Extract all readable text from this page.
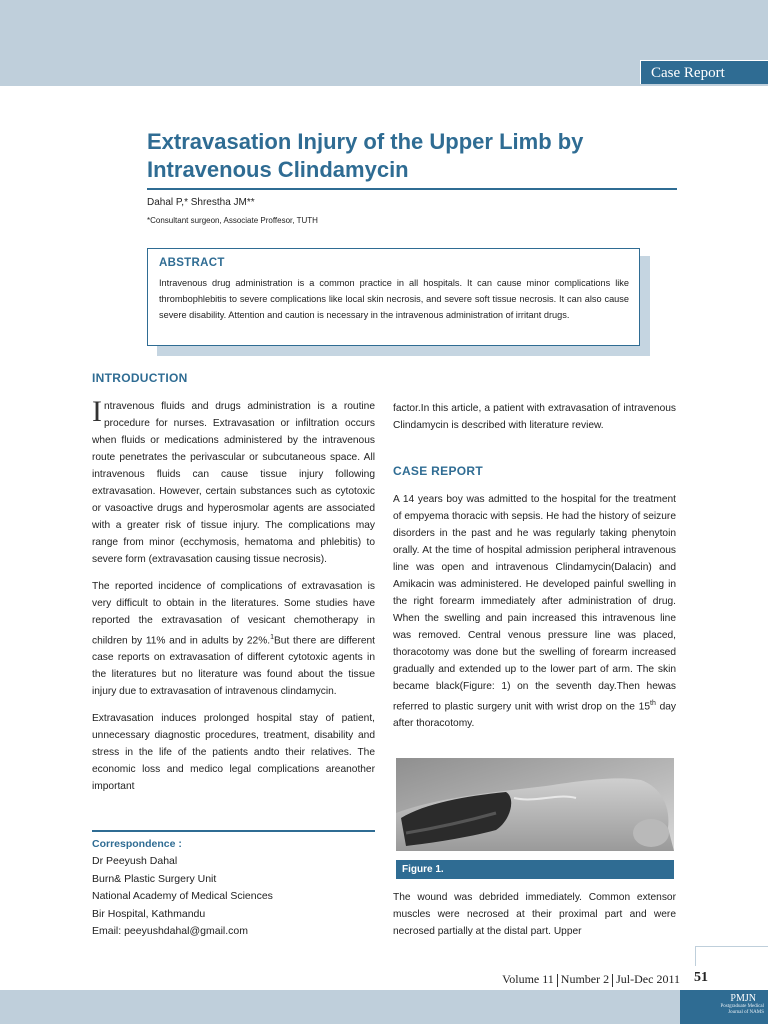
Case Report
Extravasation Injury of the Upper Limb by
Intravenous Clindamycin
Dahal P,* Shrestha JM**
*Consultant surgeon, Associate Proffesor, TUTH
ABSTRACT

Intravenous drug administration is a common practice in all hospitals. It can cause minor complications like thrombophlebitis to severe complications like local skin necrosis, and severe soft tissue necrosis. It can also cause severe disability. Attention and caution is necessary in the intravenous administration of irritant drugs.

INTRODUCTION

Intravenous fluids and drugs administration is a routine procedure for nurses. Extravasation or infiltration occurs when fluids or medications administered by the intravenous route penetrates the perivascular or subcutaneous space. All intravenous fluids can cause tissue injury following extravasation. However, certain substances such as cytotoxic or vasoactive drugs and hyperosmolar agents are associated with a greater risk of tissue injury. The complications may range from minor (ecchymosis, hematoma and phlebitis) to severe form (extravasation causing tissue necrosis).

The reported incidence of complications of extravasation is very difficult to obtain in the literatures. Some studies have reported the extravasation of vesicant chemotherapy in children by 11% and in adults by 22%.$^1$But there are different case reports on extravasation of different cytotoxic agents in the literatures but no literature was found about the tissue injury due to extravasation of intravenous clindamycin.

Extravasation induces prolonged hospital stay of patient, unnecessary diagnostic procedures, treatment, disability and stress in the life of the patients andto their relatives. The economic loss and medico legal complications areanother important

Correspondence :
Dr Peeyush Dahal
Burn& Plastic Surgery Unit
National Academy of Medical Sciences
Bir Hospital, Kathmandu
Email: peeyushdahal@gmail.com

factor.In this article, a patient with extravasation of intravenous Clindamycin is described with literature review.

CASE REPORT

A 14 years boy was admitted to the hospital for the treatment of empyema thoracic with sepsis. He had the history of seizure disorders in the past and he was regularly taking phenytoin orally. At the time of hospital admission peripheral intravenous line was open and intravenous Clindamycin(Dalacin) and Amikacin was administered. He developed painful swelling in the right forearm immediately after administration of drug. When the swelling and pain increased this intravenous line was removed. Central venous pressure line was placed, thoracotomy was done but the swelling of forearm increased gradually and extended up to the lower part of arm. The skin became black(Figure: 1) on the seventh day.Then hewas referred to plastic surgery unit with wrist drop on the 15th day after thoracotomy.

Figure 1.

The wound was debrided immediately. Common extensor muscles were necrosed at their proximal part and were necrosed partially at the distal part. Upper

Volume 11 Number 2 Jul-Dec 2011 51
PMJN
Postgraduate Medical
Journal of NAMS
